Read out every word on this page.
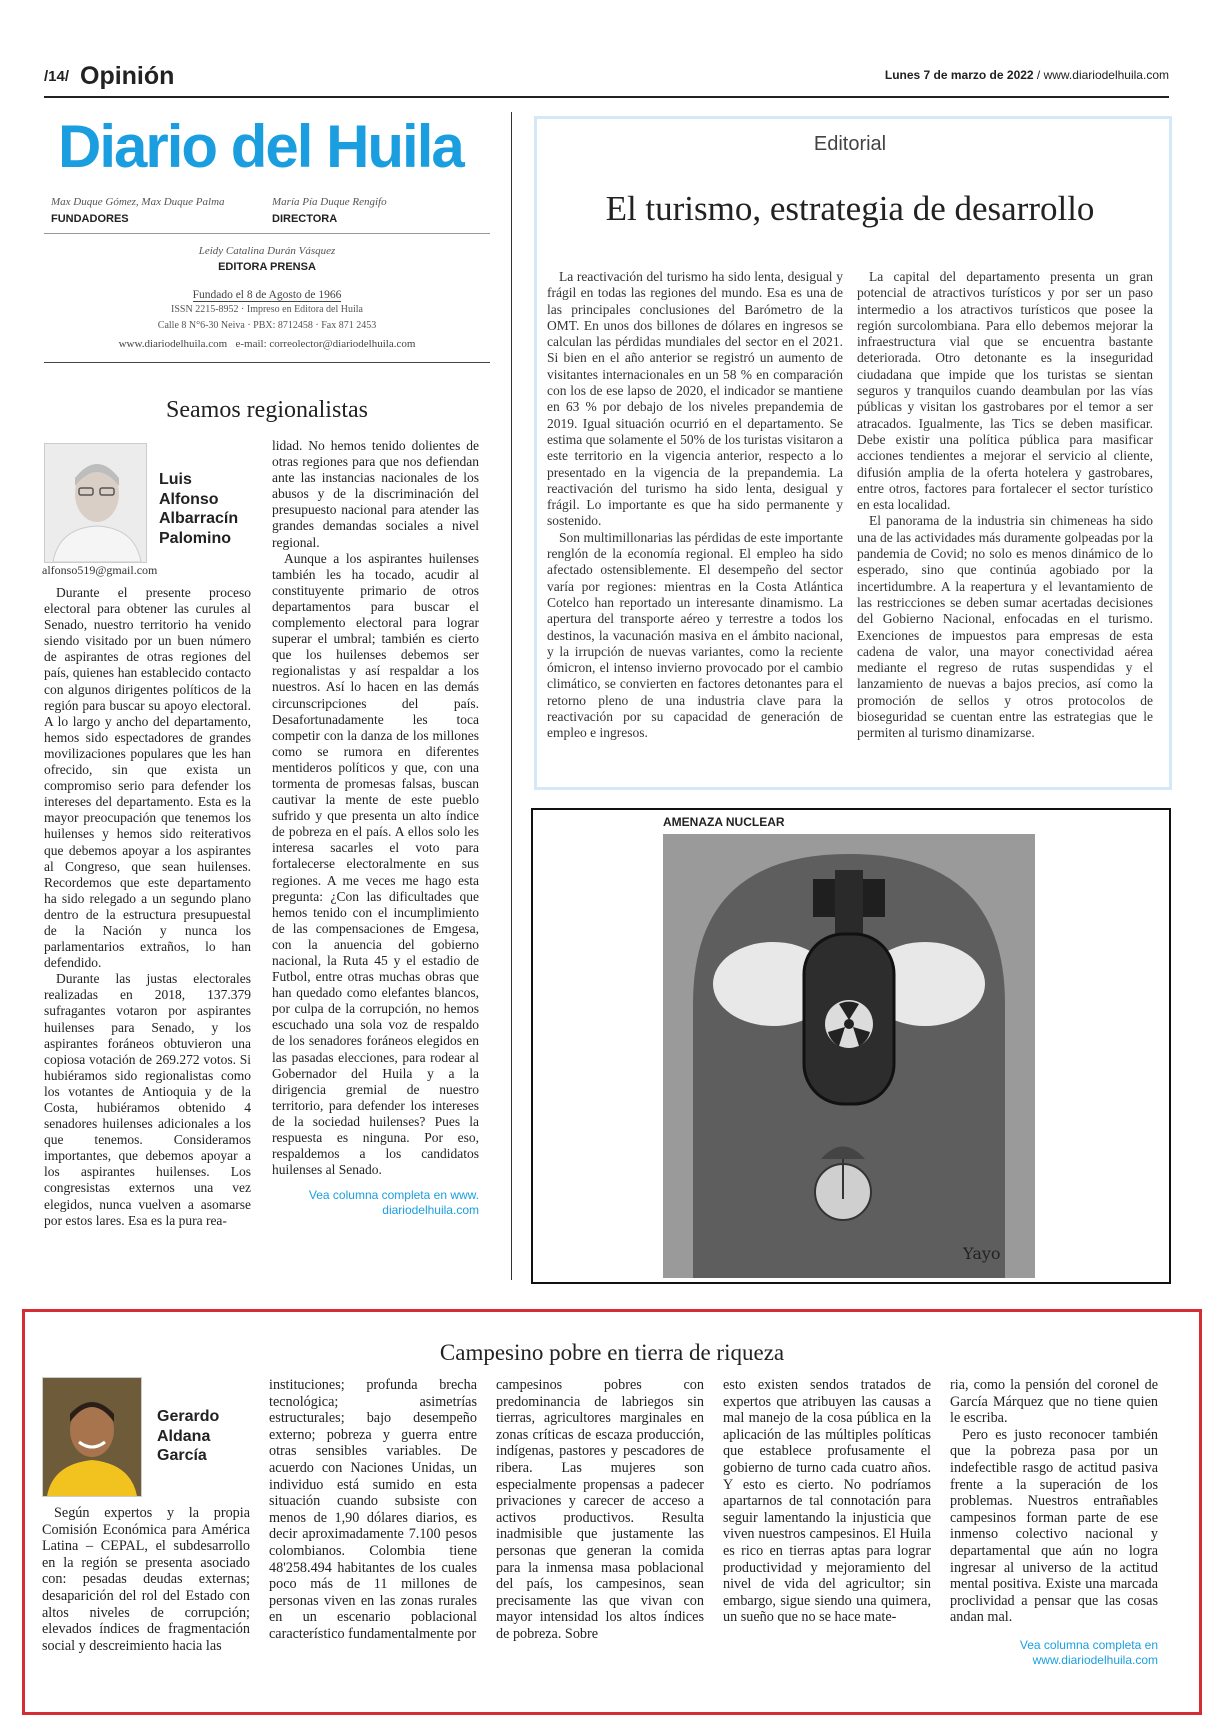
/14/ Opinión	Lunes 7 de marzo de 2022 / www.diariodelhuila.com
Diario del Huila
Max Duque Gómez, Max Duque Palma
FUNDADORES
María Pía Duque Rengifo
DIRECTORA
Leidy Catalina Durán Vásquez
EDITORA PRENSA
Fundado el 8 de Agosto de 1966
ISSN 2215-8952 · Impreso en Editora del Huila
Calle 8 N°6-30 Neiva · PBX: 8712458 · Fax 871 2453
www.diariodelhuila.com   e-mail: correolector@diariodelhuila.com
Seamos regionalistas
Luis
Alfonso
Albarracín
Palomino
alfonso519@gmail.com

Durante el presente proceso electoral para obtener las curules al Senado, nuestro territorio ha venido siendo visitado por un buen número de aspirantes de otras regiones del país, quienes han establecido contacto con algunos dirigentes políticos de la región para buscar su apoyo electoral. A lo largo y ancho del departamento, hemos sido espectadores de grandes movilizaciones populares que les han ofrecido, sin que exista un compromiso serio para defender los intereses del departamento. Esta es la mayor preocupación que tenemos los huilenses y hemos sido reiterativos que debemos apoyar a los aspirantes al Congreso, que sean huilenses. Recordemos que este departamento ha sido relegado a un segundo plano dentro de la estructura presupuestal de la Nación y nunca los parlamentarios extraños, lo han defendido.

Durante las justas electorales realizadas en 2018, 137.379 sufragantes votaron por aspirantes huilenses para Senado, y los aspirantes foráneos obtuvieron una copiosa votación de 269.272 votos. Si hubiéramos sido regionalistas como los votantes de Antioquia y de la Costa, hubiéramos obtenido 4 senadores huilenses adicionales a los que tenemos. Consideramos importantes, que debemos apoyar a los aspirantes huilenses. Los congresistas externos una vez elegidos, nunca vuelven a asomarse por estos lares. Esa es la pura rea-

lidad. No hemos tenido dolientes de otras regiones para que nos defiendan ante las instancias nacionales de los abusos y de la discriminación del presupuesto nacional para atender las grandes demandas sociales a nivel regional.

Aunque a los aspirantes huilenses también les ha tocado, acudir al constituyente primario de otros departamentos para buscar el complemento electoral para lograr superar el umbral; también es cierto que los huilenses debemos ser regionalistas y así respaldar a los nuestros. Así lo hacen en las demás circunscripciones del país. Desafortunadamente les toca competir con la danza de los millones como se rumora en diferentes mentideros políticos y que, con una tormenta de promesas falsas, buscan cautivar la mente de este pueblo sufrido y que presenta un alto índice de pobreza en el país. A ellos solo les interesa sacarles el voto para fortalecerse electoralmente en sus regiones. A me veces me hago esta pregunta: ¿Con las dificultades que hemos tenido con el incumplimiento de las compensaciones de Emgesa, con la anuencia del gobierno nacional, la Ruta 45 y el estadio de Futbol, entre otras muchas obras que han quedado como elefantes blancos, por culpa de la corrupción, no hemos escuchado una sola voz de respaldo de los senadores foráneos elegidos en las pasadas elecciones, para rodear al Gobernador del Huila y a la dirigencia gremial de nuestro territorio, para defender los intereses de la sociedad huilenses? Pues la respuesta es ninguna. Por eso, respaldemos a los candidatos huilenses al Senado.

Vea columna completa en www.
diariodelhuila.com
Editorial
El turismo, estrategia de desarrollo

La reactivación del turismo ha sido lenta, desigual y frágil en todas las regiones del mundo. Esa es una de las principales conclusiones del Barómetro de la OMT. En unos dos billones de dólares en ingresos se calculan las pérdidas mundiales del sector en el 2021. Si bien en el año anterior se registró un aumento de visitantes internacionales en un 58 % en comparación con los de ese lapso de 2020, el indicador se mantiene en 63 % por debajo de los niveles prepandemia de 2019. Igual situación ocurrió en el departamento. Se estima que solamente el 50% de los turistas visitaron a este territorio en la vigencia anterior, respecto a lo presentado en la vigencia de la prepandemia. La reactivación del turismo ha sido lenta, desigual y frágil. Lo importante es que ha sido permanente y sostenido.

Son multimillonarias las pérdidas de este importante renglón de la economía regional. El empleo ha sido afectado ostensiblemente. El desempeño del sector varía por regiones: mientras en la Costa Atlántica Cotelco han reportado un interesante dinamismo. La apertura del transporte aéreo y terrestre a todos los destinos, la vacunación masiva en el ámbito nacional, y la irrupción de nuevas variantes, como la reciente ómicron, el intenso invierno provocado por el cambio climático, se convierten en factores detonantes para el retorno pleno de una industria clave para la reactivación por su capacidad de generación de empleo e ingresos.

La capital del departamento presenta un gran potencial de atractivos turísticos y por ser un paso intermedio a los atractivos turísticos que posee la región surcolombiana. Para ello debemos mejorar la infraestructura vial que se encuentra bastante deteriorada. Otro detonante es la inseguridad ciudadana que impide que los turistas se sientan seguros y tranquilos cuando deambulan por las vías públicas y visitan los gastrobares por el temor a ser atracados. Igualmente, las Tics se deben masificar. Debe existir una política pública para masificar acciones tendientes a mejorar el servicio al cliente, difusión amplia de la oferta hotelera y gastrobares, entre otros, factores para fortalecer el sector turístico en esta localidad.

El panorama de la industria sin chimeneas ha sido una de las actividades más duramente golpeadas por la pandemia de Covid; no solo es menos dinámico de lo esperado, sino que continúa agobiado por la incertidumbre. A la reapertura y el levantamiento de las restricciones se deben sumar acertadas decisiones del Gobierno Nacional, enfocadas en el turismo. Exenciones de impuestos para empresas de esta cadena de valor, una mayor conectividad aérea mediante el regreso de rutas suspendidas y el lanzamiento de nuevas a bajos precios, así como la promoción de sellos y otros protocolos de bioseguridad se cuentan entre las estrategias que le permiten al turismo dinamizarse.

AMENAZA NUCLEAR
Yayo
Campesino pobre en tierra de riqueza
Gerardo
Aldana
García

Según expertos y la propia Comisión Económica para América Latina – CEPAL, el subdesarrollo en la región se presenta asociado con: pesadas deudas externas; desaparición del rol del Estado con altos niveles de corrupción; elevados índices de fragmentación social y descreimiento hacia las

instituciones; profunda brecha tecnológica; asimetrías estructurales; bajo desempeño externo; pobreza y guerra entre otras sensibles variables. De acuerdo con Naciones Unidas, un individuo está sumido en esta situación cuando subsiste con menos de 1,90 dólares diarios, es decir aproximadamente 7.100 pesos colombianos. Colombia tiene 48'258.494 habitantes de los cuales poco más de 11 millones de personas viven en las zonas rurales en un escenario poblacional característico fundamentalmente por

campesinos pobres con predominancia de labriegos sin tierras, agricultores marginales en zonas críticas de escaza producción, indígenas, pastores y pescadores de ribera. Las mujeres son especialmente propensas a padecer privaciones y carecer de acceso a activos productivos. Resulta inadmisible que justamente las personas que generan la comida para la inmensa masa poblacional del país, los campesinos, sean precisamente las que vivan con mayor intensidad los altos índices de pobreza. Sobre

esto existen sendos tratados de expertos que atribuyen las causas a mal manejo de la cosa pública en la aplicación de las múltiples políticas que establece profusamente el gobierno de turno cada cuatro años. Y esto es cierto. No podríamos apartarnos de tal connotación para seguir lamentando la injusticia que viven nuestros campesinos. El Huila es rico en tierras aptas para lograr productividad y mejoramiento del nivel de vida del agricultor; sin embargo, sigue siendo una quimera, un sueño que no se hace mate-

ria, como la pensión del coronel de García Márquez que no tiene quien le escriba.

Pero es justo reconocer también que la pobreza pasa por un indefectible rasgo de actitud pasiva frente a la superación de los problemas. Nuestros entrañables campesinos forman parte de ese inmenso colectivo nacional y departamental que aún no logra ingresar al universo de la actitud mental positiva. Existe una marcada proclividad a pensar que las cosas andan mal.

Vea columna completa en
www.diariodelhuila.com
